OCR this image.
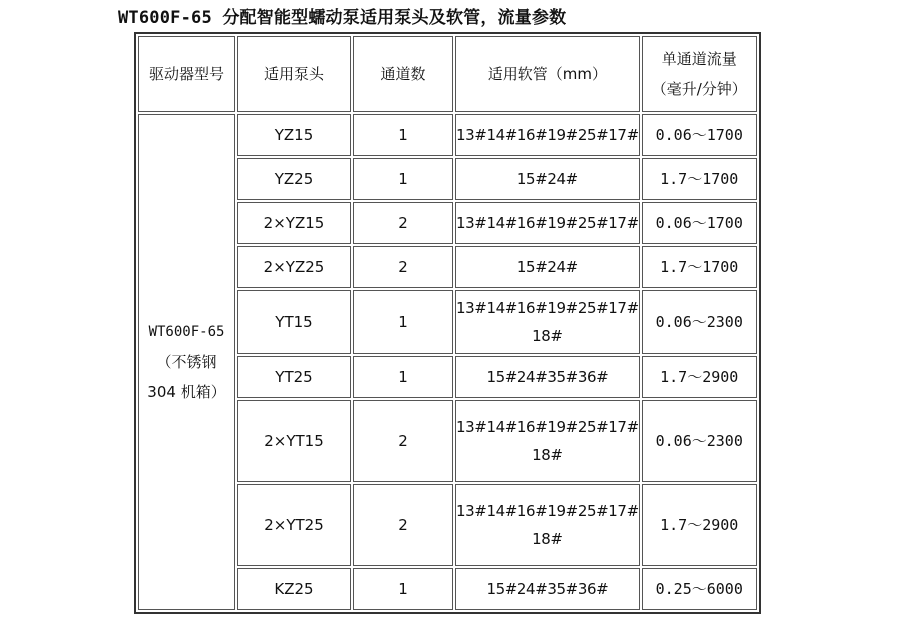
WT600F-65 分配智能型蠕动泵适用泵头及软管，流量参数
驱动器型号	适用泵头	通道数	适用软管（mm）	单通道流量
（毫升/分钟）

WT600F-65
（不锈钢
304 机箱）	YZ15	1	13#14#16#19#25#17#	0.06～1700
	YZ25	1	15#24#	1.7～1700
	2×YZ15	2	13#14#16#19#25#17#	0.06～1700
	2×YZ25	2	15#24#	1.7～1700
	YT15	1	13#14#16#19#25#17#
18#	0.06～2300
	YT25	1	15#24#35#36#	1.7～2900
	2×YT15	2	13#14#16#19#25#17#
18#	0.06～2300
	2×YT25	2	13#14#16#19#25#17#
18#	1.7～2900
	KZ25	1	15#24#35#36#	0.25～6000
